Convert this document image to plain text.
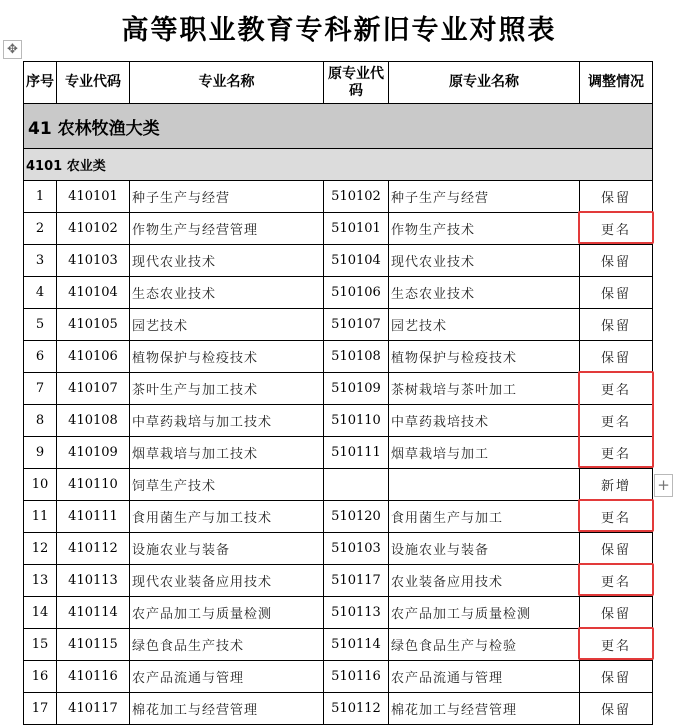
高等职业教育专科新旧专业对照表
✥
序号	专业代码	专业名称	原专业代码	原专业名称	调整情况
41 农林牧渔大类					
4101 农业类					
1	410101	种子生产与经营	510102	种子生产与经营	保留
2	410102	作物生产与经营管理	510101	作物生产技术	更名
3	410103	现代农业技术	510104	现代农业技术	保留
4	410104	生态农业技术	510106	生态农业技术	保留
5	410105	园艺技术	510107	园艺技术	保留
6	410106	植物保护与检疫技术	510108	植物保护与检疫技术	保留
7	410107	茶叶生产与加工技术	510109	茶树栽培与茶叶加工	更名
8	410108	中草药栽培与加工技术	510110	中草药栽培技术	更名
9	410109	烟草栽培与加工技术	510111	烟草栽培与加工	更名
10	410110	饲草生产技术			新增
11	410111	食用菌生产与加工技术	510120	食用菌生产与加工	更名
12	410112	设施农业与装备	510103	设施农业与装备	保留
13	410113	现代农业装备应用技术	510117	农业装备应用技术	更名
14	410114	农产品加工与质量检测	510113	农产品加工与质量检测	保留
15	410115	绿色食品生产技术	510114	绿色食品生产与检验	更名
16	410116	农产品流通与管理	510116	农产品流通与管理	保留
17	410117	棉花加工与经营管理	510112	棉花加工与经营管理	保留
+
